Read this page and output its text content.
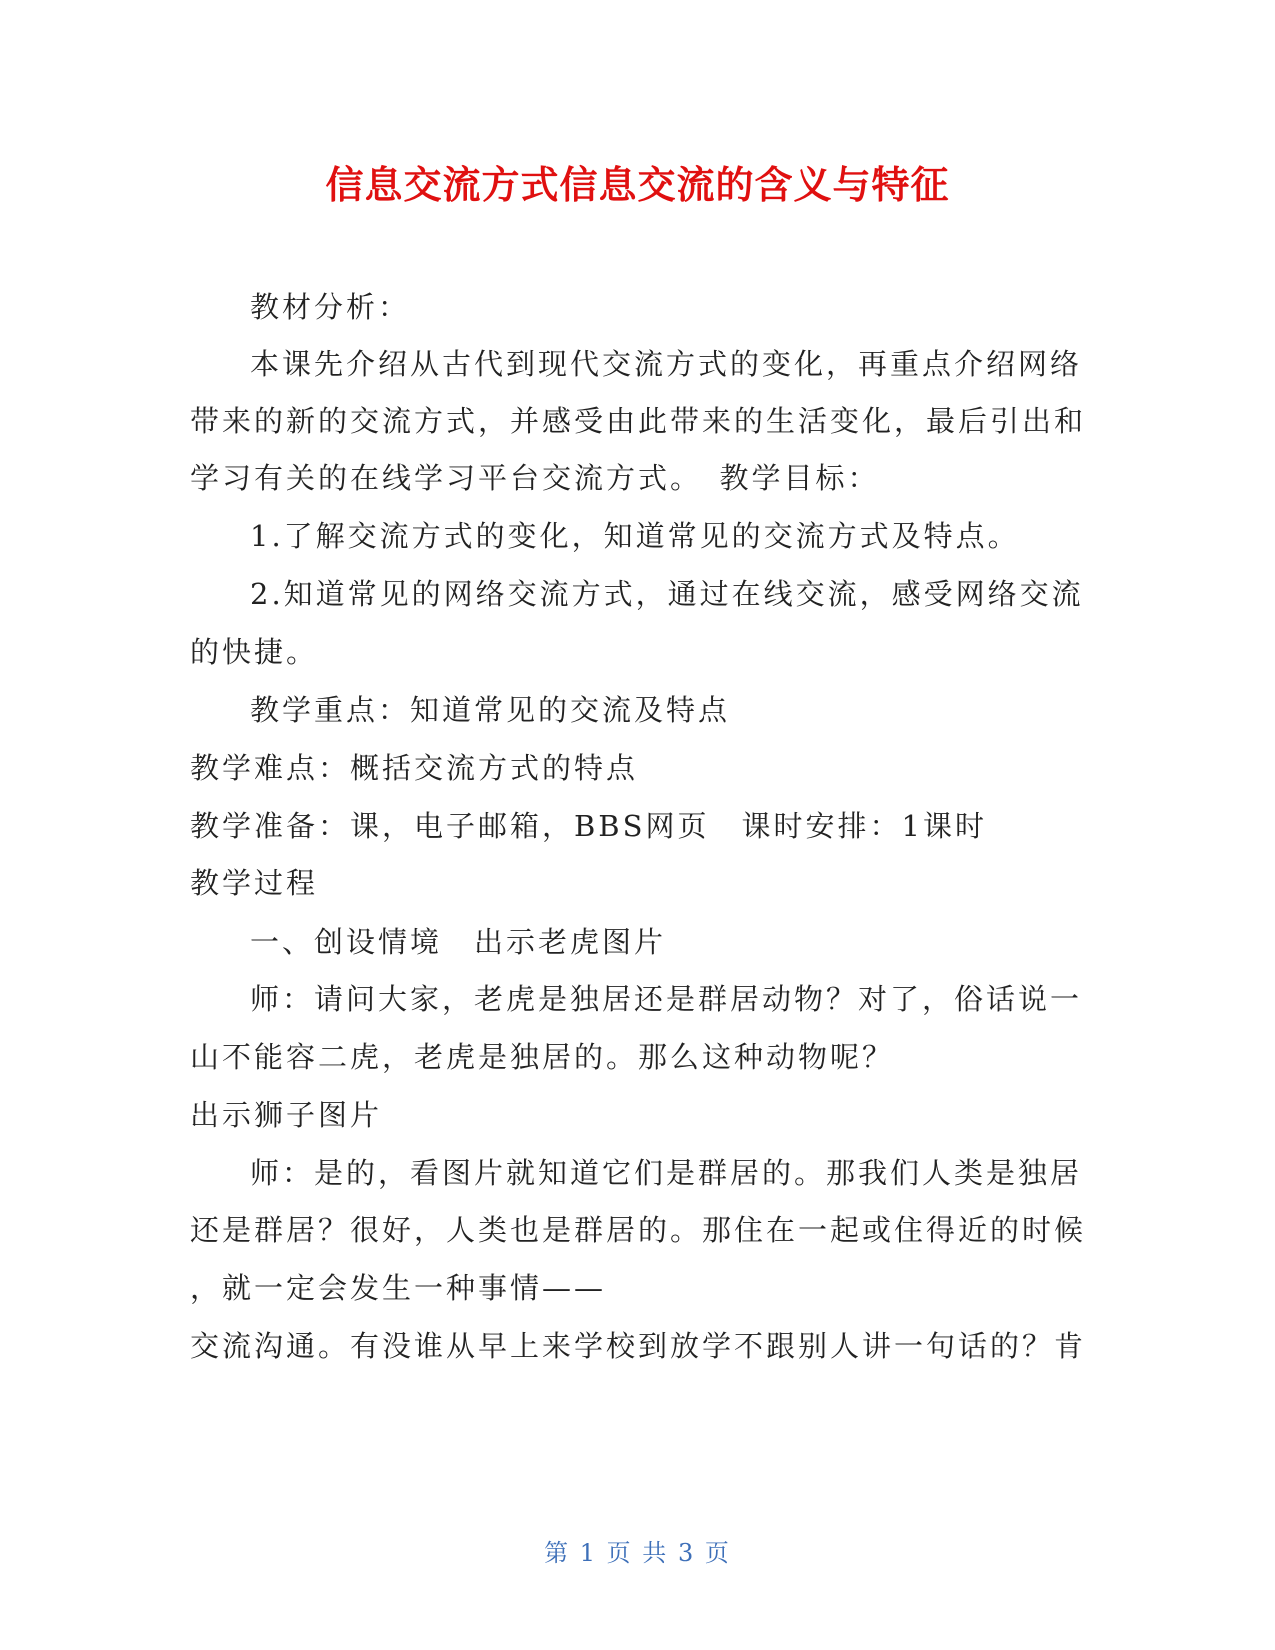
信息交流方式信息交流的含义与特征
教材分析：
本课先介绍从古代到现代交流方式的变化，再重点介绍网络
带来的新的交流方式，并感受由此带来的生活变化，最后引出和
学习有关的在线学习平台交流方式。　教学目标：
1.了解交流方式的变化，知道常见的交流方式及特点。
2.知道常见的网络交流方式，通过在线交流，感受网络交流
的快捷。
教学重点：知道常见的交流及特点
教学难点：概括交流方式的特点
教学准备：课，电子邮箱，BBS网页　课时安排：1课时
教学过程
一、创设情境　出示老虎图片
师：请问大家，老虎是独居还是群居动物？对了，俗话说一
山不能容二虎，老虎是独居的。那么这种动物呢？
出示狮子图片
师：是的，看图片就知道它们是群居的。那我们人类是独居
还是群居？很好，人类也是群居的。那住在一起或住得近的时候
，就一定会发生一种事情——
交流沟通。有没谁从早上来学校到放学不跟别人讲一句话的？肯
第 1 页 共 3 页
